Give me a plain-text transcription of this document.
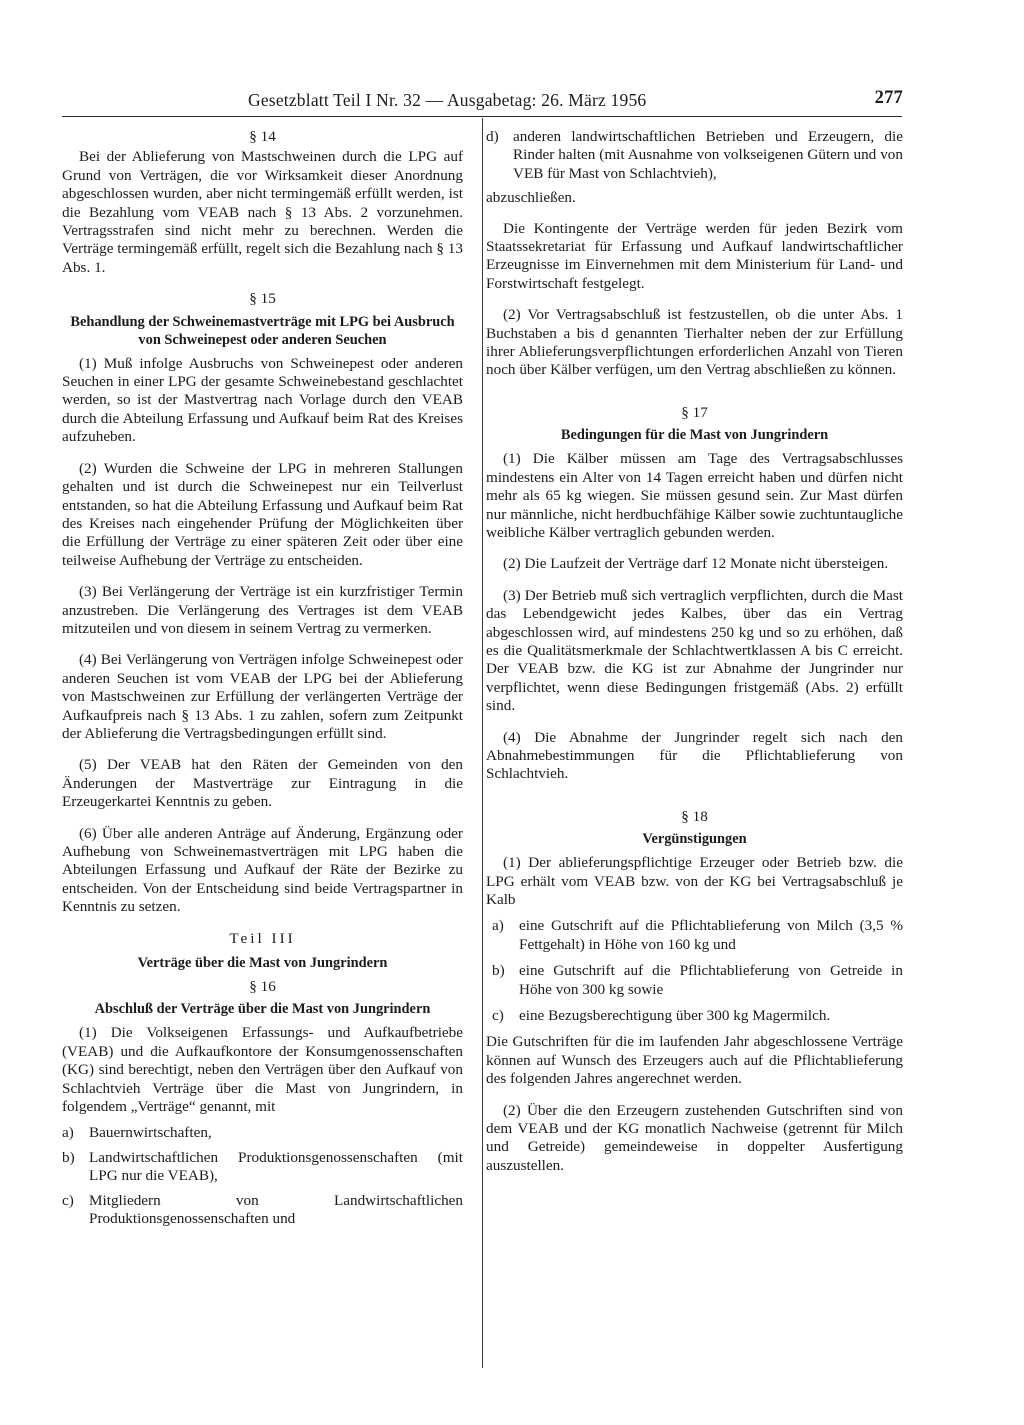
Gesetzblatt Teil I Nr. 32 — Ausgabetag: 26. März 1956	277
§ 14

Bei der Ablieferung von Mastschweinen durch die LPG auf Grund von Verträgen, die vor Wirksamkeit dieser Anordnung abgeschlossen wurden, aber nicht termingemäß erfüllt werden, ist die Bezahlung vom VEAB nach § 13 Abs. 2 vorzunehmen. Vertragsstrafen sind nicht mehr zu berechnen. Werden die Verträge termingemäß erfüllt, regelt sich die Bezahlung nach § 13 Abs. 1.

§ 15
Behandlung der Schweinemastverträge mit LPG bei Ausbruch von Schweinepest oder anderen Seuchen

(1) Muß infolge Ausbruchs von Schweinepest oder anderen Seuchen in einer LPG der gesamte Schweinebestand geschlachtet werden, so ist der Mastvertrag nach Vorlage durch den VEAB durch die Abteilung Erfassung und Aufkauf beim Rat des Kreises aufzuheben.

(2) Wurden die Schweine der LPG in mehreren Stallungen gehalten und ist durch die Schweinepest nur ein Teilverlust entstanden, so hat die Abteilung Erfassung und Aufkauf beim Rat des Kreises nach eingehender Prüfung der Möglichkeiten über die Erfüllung der Verträge zu einer späteren Zeit oder über eine teilweise Aufhebung der Verträge zu entscheiden.

(3) Bei Verlängerung der Verträge ist ein kurzfristiger Termin anzustreben. Die Verlängerung des Vertrages ist dem VEAB mitzuteilen und von diesem in seinem Vertrag zu vermerken.

(4) Bei Verlängerung von Verträgen infolge Schweinepest oder anderen Seuchen ist vom VEAB der LPG bei der Ablieferung von Mastschweinen zur Erfüllung der verlängerten Verträge der Aufkaufpreis nach § 13 Abs. 1 zu zahlen, sofern zum Zeitpunkt der Ablieferung die Vertragsbedingungen erfüllt sind.

(5) Der VEAB hat den Räten der Gemeinden von den Änderungen der Mastverträge zur Eintragung in die Erzeugerkartei Kenntnis zu geben.

(6) Über alle anderen Anträge auf Änderung, Ergänzung oder Aufhebung von Schweinemastverträgen mit LPG haben die Abteilungen Erfassung und Aufkauf der Räte der Bezirke zu entscheiden. Von der Entscheidung sind beide Vertragspartner in Kenntnis zu setzen.

Teil III
Verträge über die Mast von Jungrindern
§ 16
Abschluß der Verträge über die Mast von Jungrindern

(1) Die Volkseigenen Erfassungs- und Aufkaufbetriebe (VEAB) und die Aufkaufkontore der Konsumgenossenschaften (KG) sind berechtigt, neben den Verträgen über den Aufkauf von Schlachtvieh Verträge über die Mast von Jungrindern, in folgendem „Verträge“ genannt, mit

a) Bauernwirtschaften,
b) Landwirtschaftlichen Produktionsgenossenschaften (mit LPG nur die VEAB),
c) Mitgliedern von Landwirtschaftlichen Produktionsgenossenschaften und
d) anderen landwirtschaftlichen Betrieben und Erzeugern, die Rinder halten (mit Ausnahme von volkseigenen Gütern und von VEB für Mast von Schlachtvieh),
abzuschließen.

Die Kontingente der Verträge werden für jeden Bezirk vom Staatssekretariat für Erfassung und Aufkauf landwirtschaftlicher Erzeugnisse im Einvernehmen mit dem Ministerium für Land- und Forstwirtschaft festgelegt.

(2) Vor Vertragsabschluß ist festzustellen, ob die unter Abs. 1 Buchstaben a bis d genannten Tierhalter neben der zur Erfüllung ihrer Ablieferungsverpflichtungen erforderlichen Anzahl von Tieren noch über Kälber verfügen, um den Vertrag abschließen zu können.

§ 17
Bedingungen für die Mast von Jungrindern

(1) Die Kälber müssen am Tage des Vertragsabschlusses mindestens ein Alter von 14 Tagen erreicht haben und dürfen nicht mehr als 65 kg wiegen. Sie müssen gesund sein. Zur Mast dürfen nur männliche, nicht herdbuchfähige Kälber sowie zuchtuntaugliche weibliche Kälber vertraglich gebunden werden.

(2) Die Laufzeit der Verträge darf 12 Monate nicht übersteigen.

(3) Der Betrieb muß sich vertraglich verpflichten, durch die Mast das Lebendgewicht jedes Kalbes, über das ein Vertrag abgeschlossen wird, auf mindestens 250 kg und so zu erhöhen, daß es die Qualitätsmerkmale der Schlachtwertklassen A bis C erreicht. Der VEAB bzw. die KG ist zur Abnahme der Jungrinder nur verpflichtet, wenn diese Bedingungen fristgemäß (Abs. 2) erfüllt sind.

(4) Die Abnahme der Jungrinder regelt sich nach den Abnahmebestimmungen für die Pflichtablieferung von Schlachtvieh.

§ 18
Vergünstigungen

(1) Der ablieferungspflichtige Erzeuger oder Betrieb bzw. die LPG erhält vom VEAB bzw. von der KG bei Vertragsabschluß je Kalb

a) eine Gutschrift auf die Pflichtablieferung von Milch (3,5 % Fettgehalt) in Höhe von 160 kg und
b) eine Gutschrift auf die Pflichtablieferung von Getreide in Höhe von 300 kg sowie
c) eine Bezugsberechtigung über 300 kg Magermilch.

Die Gutschriften für die im laufenden Jahr abgeschlossene Verträge können auf Wunsch des Erzeugers auch auf die Pflichtablieferung des folgenden Jahres angerechnet werden.

(2) Über die den Erzeugern zustehenden Gutschriften sind von dem VEAB und der KG monatlich Nachweise (getrennt für Milch und Getreide) gemeindeweise in doppelter Ausfertigung auszustellen.
